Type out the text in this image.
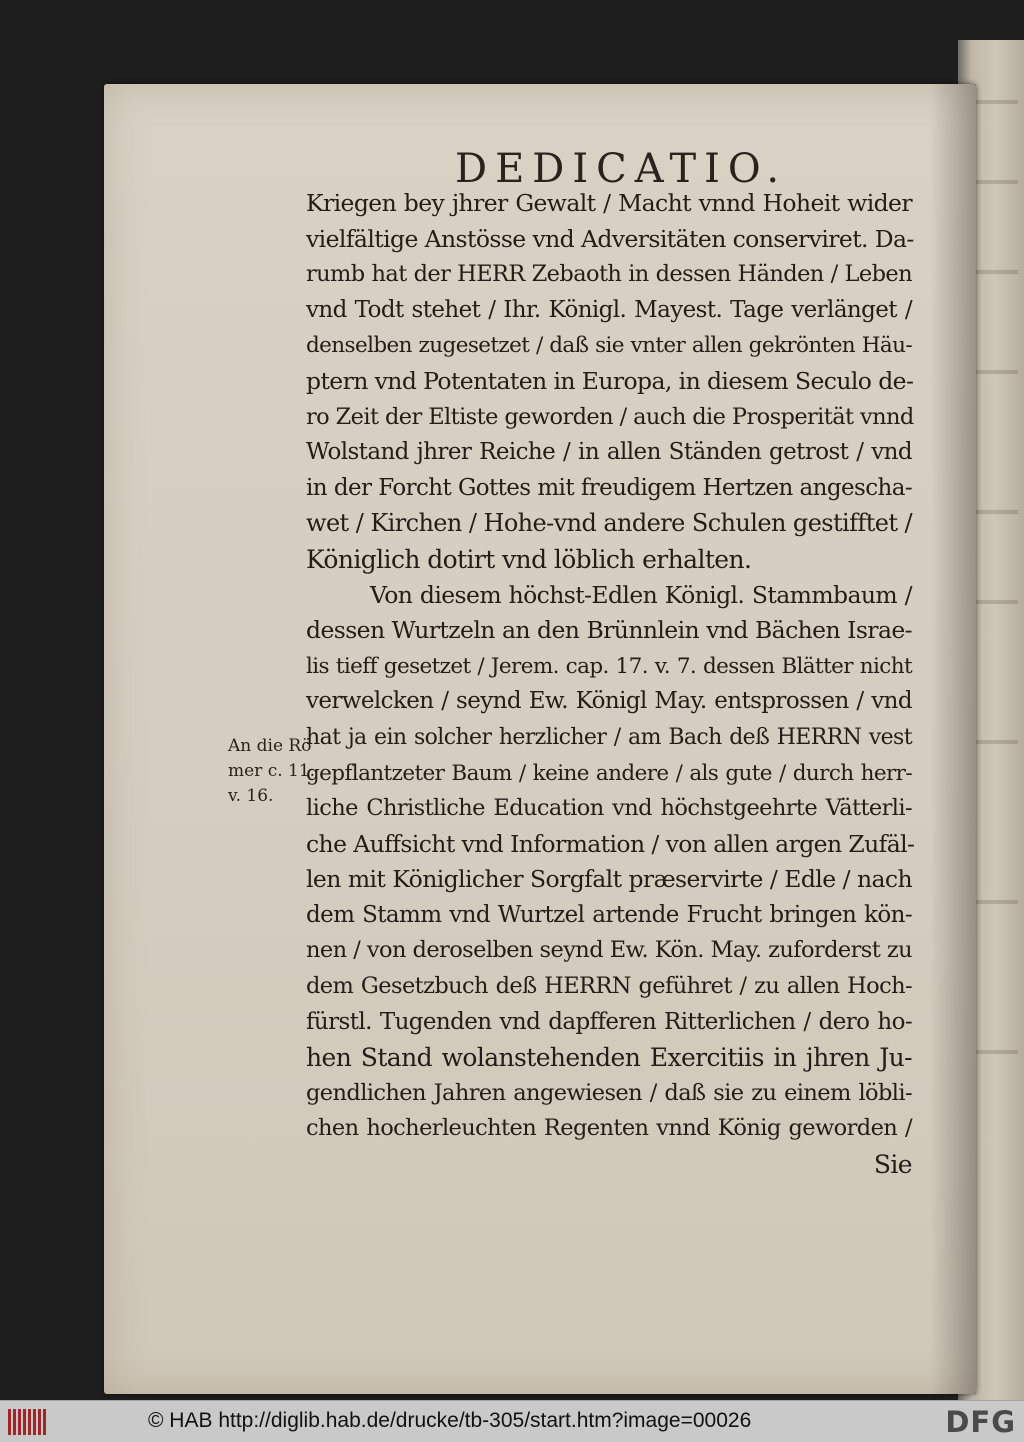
DEDICATIO.
Kriegen bey jhrer Gewalt / Macht vnnd Hoheit wider
vielfältige Anstösse vnd Adversitäten conserviret. Da-
rumb hat der HERR Zebaoth in dessen Händen / Leben
vnd Todt stehet / Ihr. Königl. Mayest. Tage verlänget /
denselben zugesetzet / daß sie vnter allen gekrönten Häu-
ptern vnd Potentaten in Europa, in diesem Seculo de-
ro Zeit der Eltiste geworden / auch die Prosperität vnnd
Wolstand jhrer Reiche / in allen Ständen getrost / vnd
in der Forcht Gottes mit freudigem Hertzen angescha-
wet / Kirchen / Hohe-vnd andere Schulen gestifftet /
Königlich dotirt vnd löblich erhalten.
Von diesem höchst-Edlen Königl. Stammbaum /
dessen Wurtzeln an den Brünnlein vnd Bächen Israe-
lis tieff gesetzet / Jerem. cap. 17. v. 7. dessen Blätter nicht
verwelcken / seynd Ew. Königl May. entsprossen / vnd
hat ja ein solcher herzlicher / am Bach deß HERRN vest
gepflantzeter Baum / keine andere / als gute / durch herr-
liche Christliche Education vnd höchstgeehrte Vätterli-
che Auffsicht vnd Information / von allen argen Zufäl-
len mit Königlicher Sorgfalt præservirte / Edle / nach
dem Stamm vnd Wurtzel artende Frucht bringen kön-
nen / von deroselben seynd Ew. Kön. May. zuforderst zu
dem Gesetzbuch deß HERRN geführet / zu allen Hoch-
fürstl. Tugenden vnd dapfferen Ritterlichen / dero ho-
hen Stand wolanstehenden Exercitiis in jhren Ju-
gendlichen Jahren angewiesen / daß sie zu einem löbli-
chen hocherleuchten Regenten vnnd König geworden /
Sie
An die Rö
mer c. 11.
v. 16.
© HAB http://diglib.hab.de/drucke/tb-305/start.htm?image=00026	DFG
